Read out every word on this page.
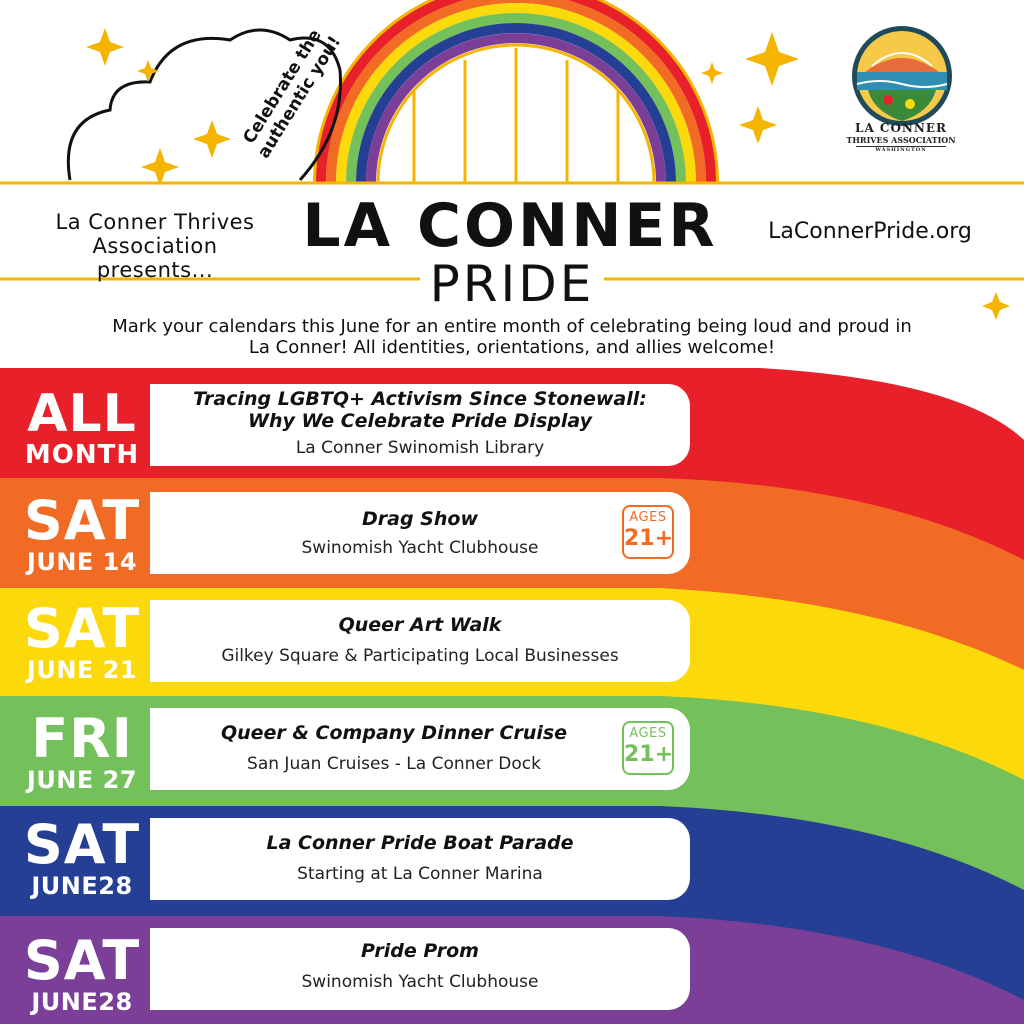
La Conner Thrives Association presents...
LA CONNER
PRIDE
LaConnerPride.org
Celebrate the authentic you!
Mark your calendars this June for an entire month of celebrating being loud and proud in La Conner! All identities, orientations, and allies welcome!
LA CONNER
THRIVES ASSOCIATION
WASHINGTON
ALL
MONTH
Tracing LGBTQ+ Activism Since Stonewall: Why We Celebrate Pride Display
La Conner Swinomish Library
SAT
JUNE 14
Drag Show
Swinomish Yacht Clubhouse
AGES
21+
SAT
JUNE 21
Queer Art Walk
Gilkey Square & Participating Local Businesses
FRI
JUNE 27
Queer & Company Dinner Cruise
San Juan Cruises - La Conner Dock
AGES
21+
SAT
JUNE28
La Conner Pride Boat Parade
Starting at La Conner Marina
SAT
JUNE28
Pride Prom
Swinomish Yacht Clubhouse
